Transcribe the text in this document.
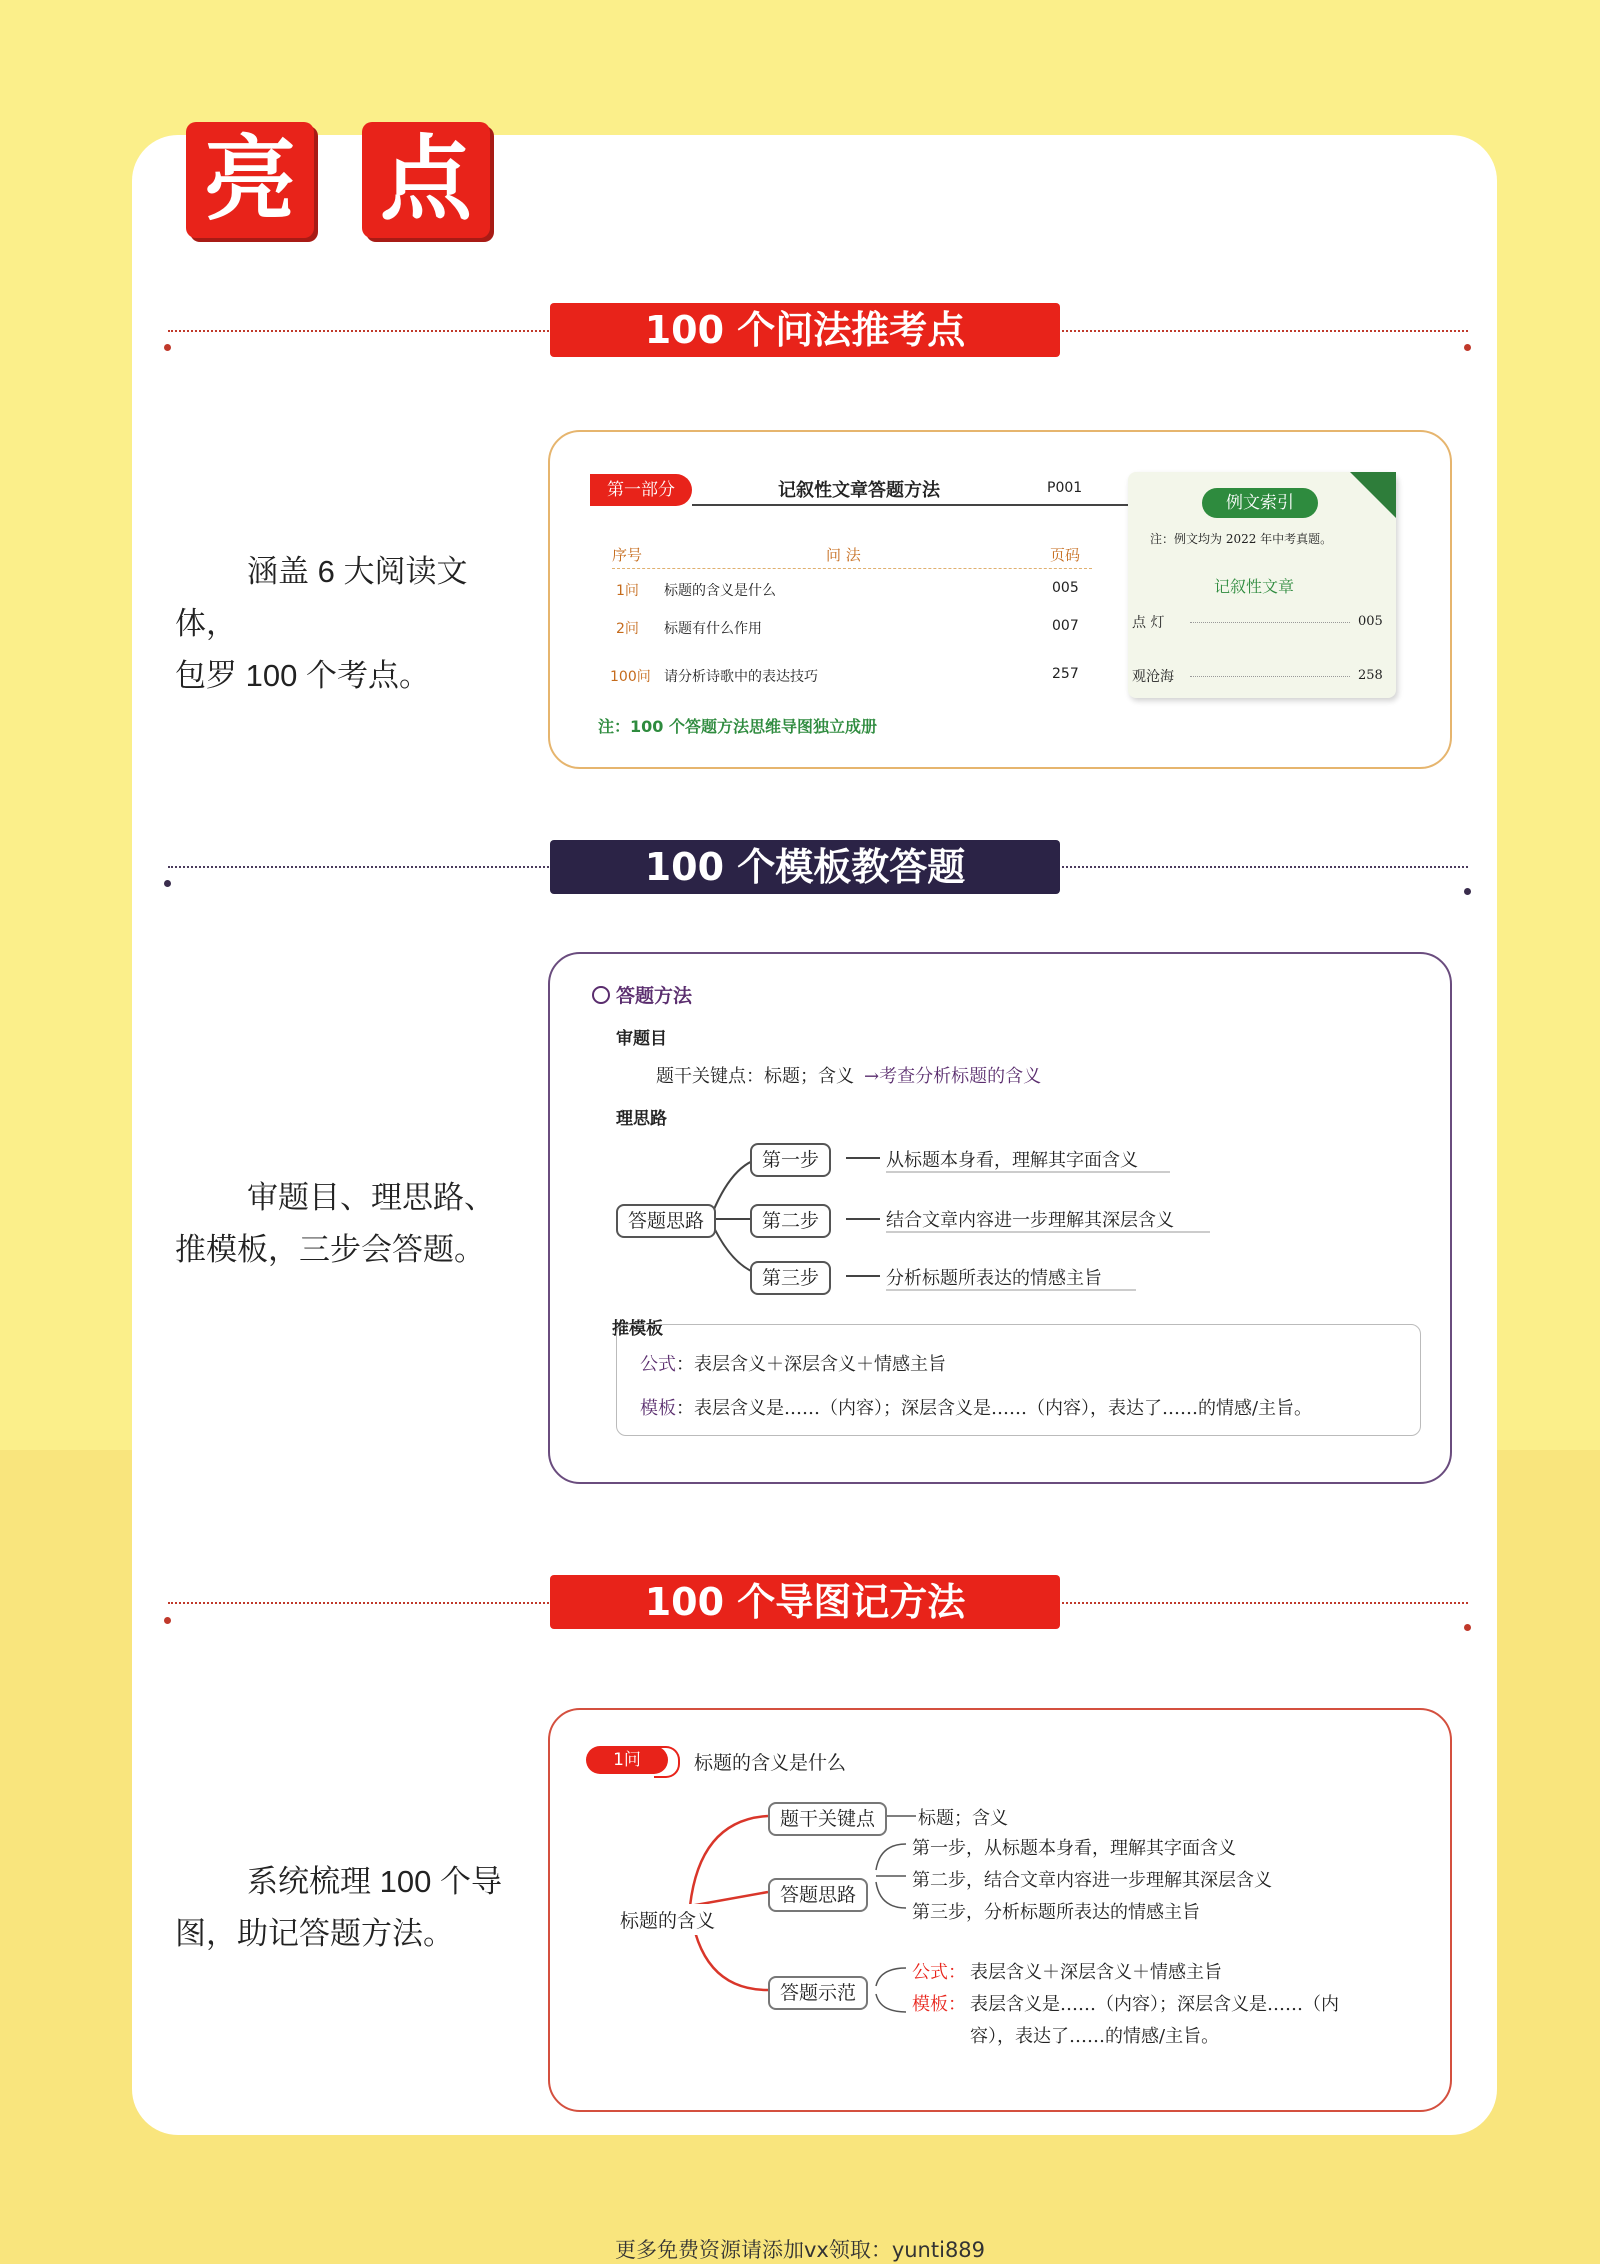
亮 点
100 个问法推考点
涵盖 6 大阅读文体，
包罗 100 个考点。
第一部分	记叙性文章答题方法	P001
序号	问 法	页码
1问 标题的含义是什么	005
2问 标题有什么作用	007
100问 请分析诗歌中的表达技巧	257
注：100 个答题方法思维导图独立成册
例文索引
注：例文均为 2022 年中考真题。
记叙性文章
点 灯	005
观沧海	258
100 个模板教答题
审题目、理思路、
推模板，三步会答题。
答题方法
审题目
题干关键点：标题；含义 →考查分析标题的含义
理思路
答题思路
第一步
第二步
第三步
从标题本身看，理解其字面含义
结合文章内容进一步理解其深层含义
分析标题所表达的情感主旨
推模板
公式 ：表层含义＋深层含义＋情感主旨
模板 ：表层含义是……（内容）；深层含义是……（内容），表达了……的情感/主旨。
100 个导图记方法
系统梳理 100 个导
图，助记答题方法。
1问	标题的含义是什么
标题的含义
题干关键点
答题思路
答题示范
标题；含义
第一步，从标题本身看，理解其字面含义
第二步，结合文章内容进一步理解其深层含义
第三步，分析标题所表达的情感主旨
公式： 表层含义＋深层含义＋情感主旨
模板： 表层含义是……（内容）；深层含义是……（内
容），表达了……的情感/主旨。
更多免费资源请添加vx领取：yunti889
